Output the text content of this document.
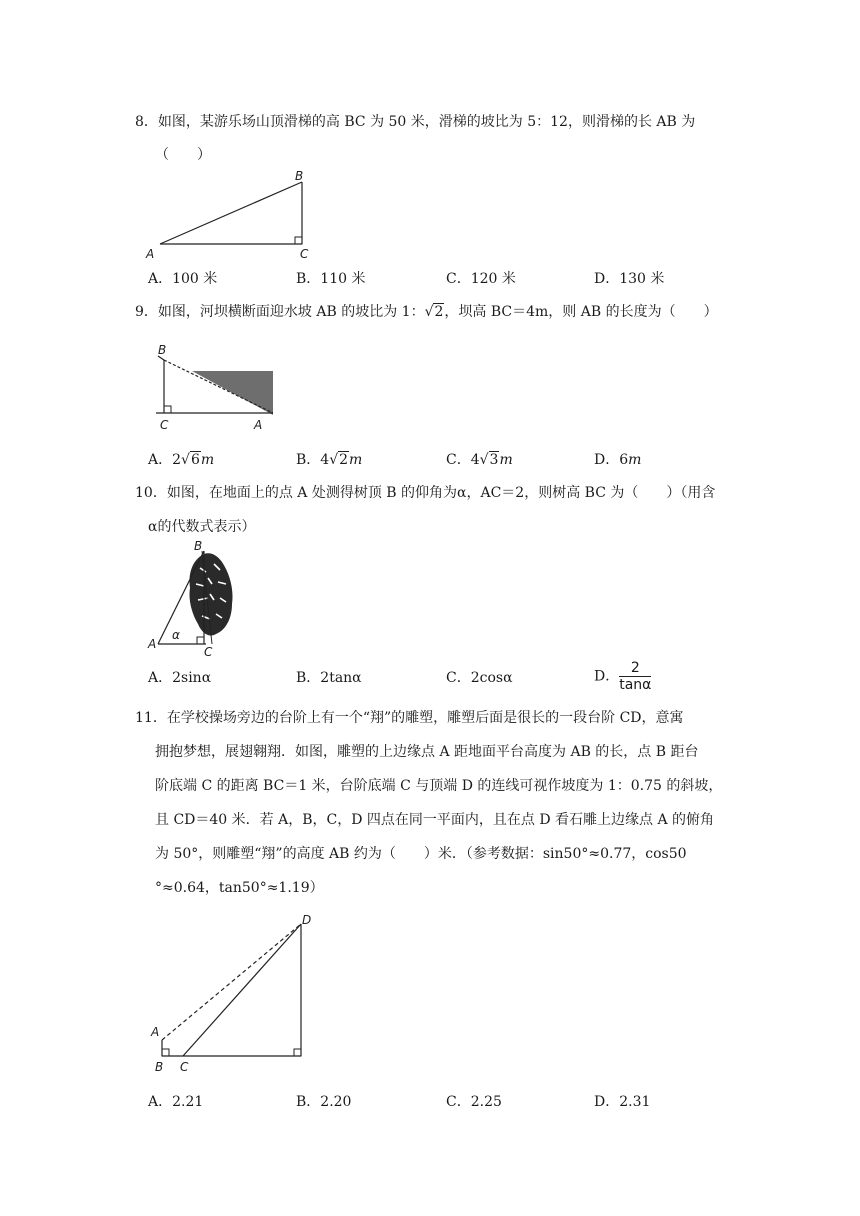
8．如图，某游乐场山顶滑梯的高 BC 为 50 米，滑梯的坡比为 5：12，则滑梯的长 AB 为
（　　）
A
B
C
A．100 米	B．110 米	C．120 米	D．130 米
9．如图，河坝横断面迎水坡 AB 的坡比为 1：√2，坝高 BC＝4m，则 AB 的长度为（　　）
B
C	A
A．2√6m	B．4√2m	C．4√3m	D．6m
10．如图，在地面上的点 A 处测得树顶 B 的仰角为α，AC＝2，则树高 BC 为（　　）（用含
α的代数式表示）
B
A
C
α
A．2sinα	B．2tanα	C．2cosα	D． $\frac{2}{\tan\alpha}$
11．在学校操场旁边的台阶上有一个“翔”的雕塑，雕塑后面是很长的一段台阶 CD，意寓
拥抱梦想，展翅翱翔．如图，雕塑的上边缘点 A 距地面平台高度为 AB 的长，点 B 距台
阶底端 C 的距离 BC＝1 米，台阶底端 C 与顶端 D 的连线可视作坡度为 1：0.75 的斜坡，
且 CD＝40 米．若 A，B，C，D 四点在同一平面内，且在点 D 看石雕上边缘点 A 的俯角
为 50°，则雕塑“翔”的高度 AB 约为（　　）米．（参考数据：sin50°≈0.77，cos50
°≈0.64，tan50°≈1.19）
D
A
B C
A．2.21	B．2.20	C．2.25	D．2.31
